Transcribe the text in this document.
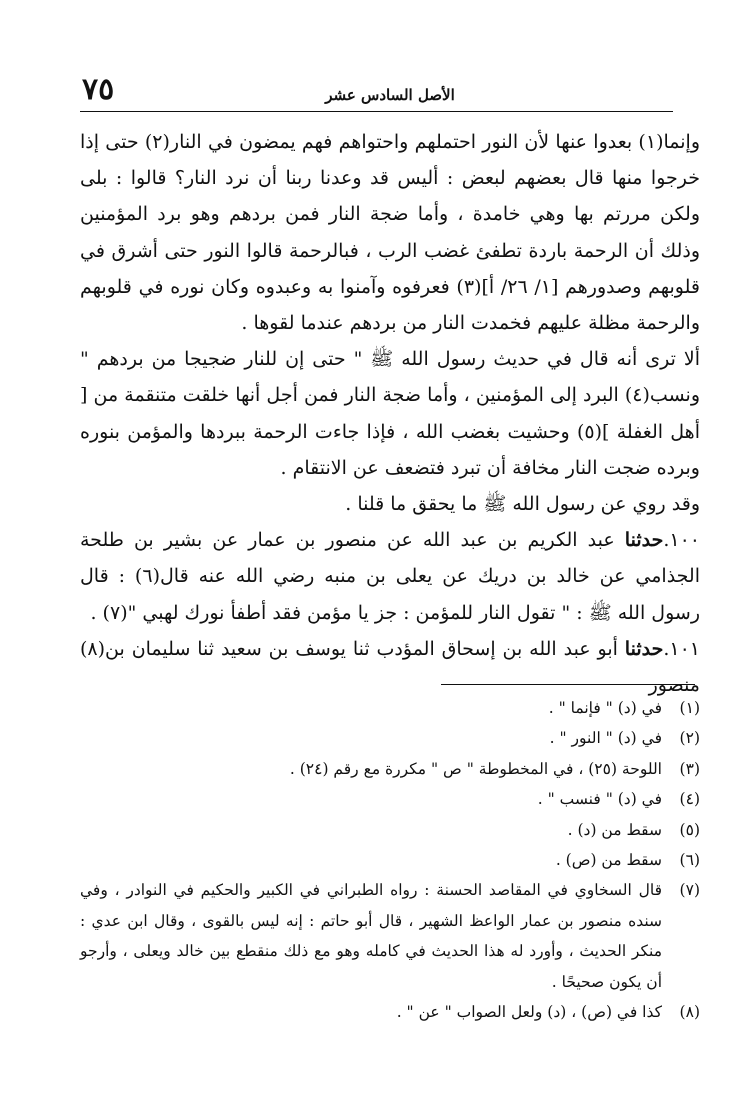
٧٥	الأصل السادس عشر

وإنما(١) بعدوا عنها لأن النور احتملهم واحتواهم فهم يمضون في النار(٢) حتى إذا خرجوا منها قال بعضهم لبعض : أليس قد وعدنا ربنا أن نرد النار؟ قالوا : بلى ولكن مررتم بها وهي خامدة ، وأما ضجة النار فمن بردهم وهو برد المؤمنين وذلك أن الرحمة باردة تطفئ غضب الرب ، فبالرحمة قالوا النور حتى أشرق في قلوبهم وصدورهم [١/ ٢٦/ أ](٣) فعرفوه وآمنوا به وعبدوه وكان نوره في قلوبهم والرحمة مظلة عليهم فخمدت النار من بردهم عندما لقوها .

ألا ترى أنه قال في حديث رسول الله ﷺ " حتى إن للنار ضجيجا من بردهم " ونسب(٤) البرد إلى المؤمنين ، وأما ضجة النار فمن أجل أنها خلقت متنقمة من [ أهل الغفلة ](٥) وحشيت بغضب الله ، فإذا جاءت الرحمة ببردها والمؤمن بنوره وبرده ضجت النار مخافة أن تبرد فتضعف عن الانتقام .

وقد روي عن رسول الله ﷺ ما يحقق ما قلنا .

١٠٠.حدثنا عبد الكريم بن عبد الله عن منصور بن عمار عن بشير بن طلحة الجذامي عن خالد بن دريك عن يعلى بن منبه رضي الله عنه قال(٦) : قال رسول الله ﷺ : " تقول النار للمؤمن : جز يا مؤمن فقد أطفأ نورك لهبي "(٧) .

١٠١.حدثنا أبو عبد الله بن إسحاق المؤدب ثنا يوسف بن سعيد ثنا سليمان بن(٨) منصور

(١)
في (د) " فإنما " .
(٢)
في (د) " النور " .
(٣)
اللوحة (٢٥) ، في المخطوطة " ص " مكررة مع رقم (٢٤) .
(٤)
في (د) " فنسب " .
(٥)
سقط من (د) .
(٦)
سقط من (ص) .
(٧)
قال السخاوي في المقاصد الحسنة : رواه الطبراني في الكبير والحكيم في النوادر ، وفي سنده منصور بن عمار الواعظ الشهير ، قال أبو حاتم : إنه ليس بالقوى ، وقال ابن عدي : منكر الحديث ، وأورد له هذا الحديث في كامله وهو مع ذلك منقطع بين خالد ويعلى ، وأرجو أن يكون صحيحًا .
(٨)
كذا في (ص) ، (د) ولعل الصواب " عن " .
